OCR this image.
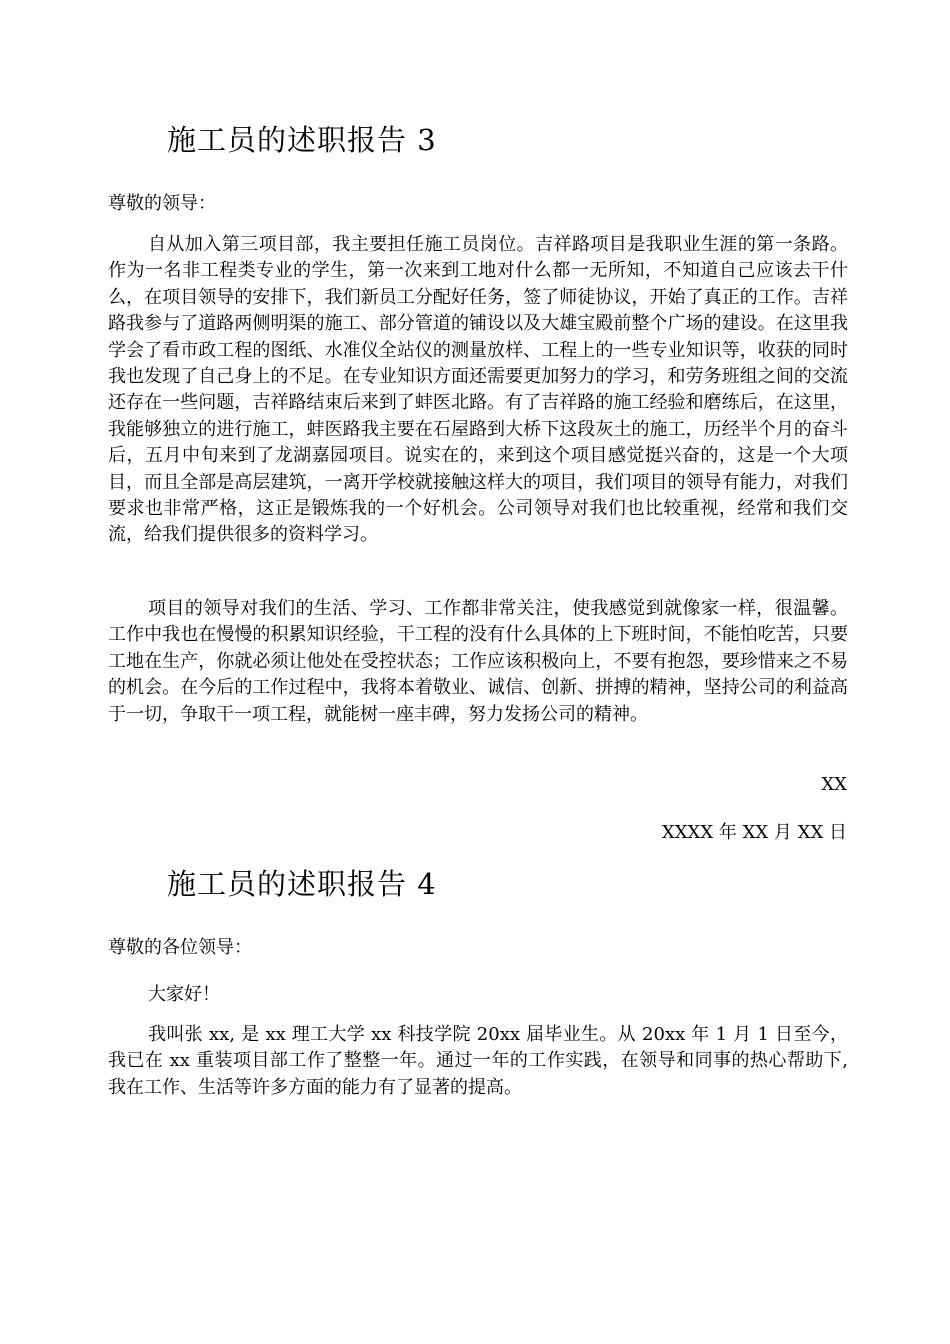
施工员的述职报告 3

尊敬的领导：

自从加入第三项目部，我主要担任施工员岗位。吉祥路项目是我职业生涯的第一条路。作为一名非工程类专业的学生，第一次来到工地对什么都一无所知，不知道自己应该去干什么，在项目领导的安排下，我们新员工分配好任务，签了师徒协议，开始了真正的工作。吉祥路我参与了道路两侧明渠的施工、部分管道的铺设以及大雄宝殿前整个广场的建设。在这里我学会了看市政工程的图纸、水准仪全站仪的测量放样、工程上的一些专业知识等，收获的同时我也发现了自己身上的不足。在专业知识方面还需要更加努力的学习，和劳务班组之间的交流还存在一些问题，吉祥路结束后来到了蚌医北路。有了吉祥路的施工经验和磨练后，在这里，我能够独立的进行施工，蚌医路我主要在石屋路到大桥下这段灰土的施工，历经半个月的奋斗后，五月中旬来到了龙湖嘉园项目。说实在的，来到这个项目感觉挺兴奋的，这是一个大项目，而且全部是高层建筑，一离开学校就接触这样大的项目，我们项目的领导有能力，对我们要求也非常严格，这正是锻炼我的一个好机会。公司领导对我们也比较重视，经常和我们交流，给我们提供很多的资料学习。

项目的领导对我们的生活、学习、工作都非常关注，使我感觉到就像家一样，很温馨。工作中我也在慢慢的积累知识经验，干工程的没有什么具体的上下班时间，不能怕吃苦，只要工地在生产，你就必须让他处在受控状态；工作应该积极向上，不要有抱怨，要珍惜来之不易的机会。在今后的工作过程中，我将本着敬业、诚信、创新、拼搏的精神，坚持公司的利益高于一切，争取干一项工程，就能树一座丰碑，努力发扬公司的精神。

XX

XXXX 年 XX 月 XX 日

施工员的述职报告 4

尊敬的各位领导：

大家好！

我叫张 xx, 是 xx 理工大学 xx 科技学院 20xx 届毕业生。从 20xx 年 1 月 1 日至今，我已在 xx 重装项目部工作了整整一年。通过一年的工作实践，在领导和同事的热心帮助下, 我在工作、生活等许多方面的能力有了显著的提高。
